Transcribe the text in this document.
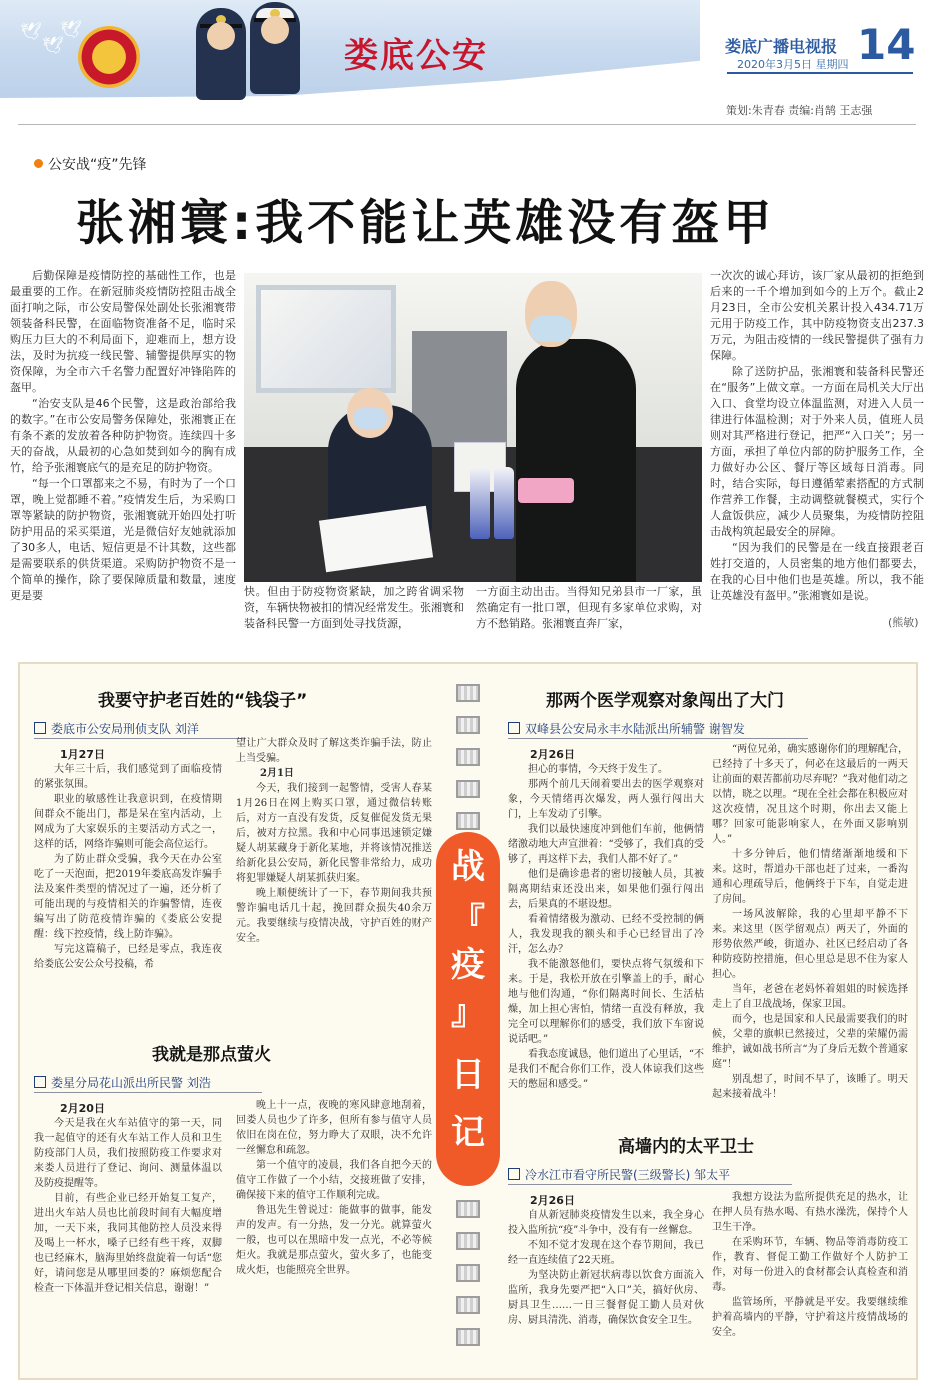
🕊
🕊
🕊
娄底公安	娄底广播电视报
2020年3月5日 星期四 14
策划:朱青春 责编:肖鹄 王志强
公安战“疫”先锋
张湘寰:我不能让英雄没有盔甲

后勤保障是疫情防控的基础性工作，也是最重要的工作。在新冠肺炎疫情防控阻击战全面打响之际，市公安局警保处副处长张湘寰带领装备科民警，在面临物资准备不足，临时采购压力巨大的不利局面下，迎难而上，想方设法，及时为抗疫一线民警、辅警提供厚实的物资保障，为全市六千名警力配置好冲锋陷阵的盔甲。

“治安支队是46个民警，这是政治部给我的数字。”在市公安局警务保障处，张湘寰正在有条不紊的发放着各种防护物资。连续四十多天的奋战，从最初的心急如焚到如今的胸有成竹，给予张湘寰底气的是充足的防护物资。

“每一个口罩都来之不易，有时为了一个口罩，晚上觉都睡不着。”疫情发生后，为采购口罩等紧缺的防护物资，张湘寰就开始四处打听防护用品的采买渠道，光是微信好友她就添加了30多人，电话、短信更是不计其数，这些都是需要联系的供货渠道。采购防护物资不是一个简单的操作，除了要保障质量和数量，速度更是要	快。但由于防疫物资紧缺，加之跨省调采物资，车辆快物被扣的情况经常发生。张湘寰和装备科民警一方面到处寻找货源，
一方面主动出击。当得知兄弟县市一厂家，虽然确定有一批口罩，但现有多家单位求购，对方不愁销路。张湘寰直奔厂家，

一次次的诚心拜访，该厂家从最初的拒绝到后来的一千个增加到如今的上万个。截止2月23日，全市公安机关累计投入434.71万元用于防疫工作，其中防疫物资支出237.3万元，为阻击疫情的一线民警提供了强有力保障。

除了送防护品，张湘寰和装备科民警还在“服务”上做文章。一方面在局机关大厅出入口、食堂均设立体温监测，对进入人员一律进行体温检测；对于外来人员，值班人员则对其严格进行登记，把严“入口关”；另一方面，承担了单位内部的防护服务工作，全力做好办公区、餐厅等区域每日消毒。同时，结合实际，每日遵循荤素搭配的方式制作营养工作餐，主动调整就餐模式，实行个人盒饭供应，减少人员聚集，为疫情防控阻击战构筑起最安全的屏障。

“因为我们的民警是在一线直接跟老百姓打交道的，人员密集的地方他们都要去，在我的心目中他们也是英雄。所以，我不能让英雄没有盔甲。”张湘寰如是说。

(熊敏)
战
『
疫
』
日
记
我要守护老百姓的“钱袋子”
娄底市公安局刑侦支队 刘洋
1月27日

大年三十后，我们感觉到了面临疫情的紧张氛围。

职业的敏感性让我意识到，在疫情期间群众不能出门，都是呆在室内活动，上网成为了大家娱乐的主要活动方式之一，这样的话，网络诈骗则可能会高位运行。

为了防止群众受骗，我今天在办公室吃了一天泡面，把2019年娄底高发诈骗手法及案件类型的情况过了一遍，还分析了可能出现的与疫情相关的诈骗警情，连夜编写出了防范疫情诈骗的《娄底公安提醒：线下控疫情，线上防诈骗》。

写完这篇稿子，已经是零点，我连夜给娄底公安公众号投稿，希

望让广大群众及时了解这类诈骗手法，防止上当受骗。

2月1日

今天，我们接到一起警情，受害人春某1月26日在网上购买口罩，通过微信转账后，对方一直没有发货，反复催促发货无果后，被对方拉黑。我和中心同事迅速锁定嫌疑人胡某藏身于新化某地，并将该情况推送给新化县公安局，新化民警非常给力，成功将犯罪嫌疑人胡某抓获归案。

晚上顺便统计了一下，春节期间我共预警诈骗电话几十起，挽回群众损失40余万元。我要继续与疫情决战，守护百姓的财产安全。

我就是那点萤火
娄星分局花山派出所民警 刘浩
2月20日

今天是我在火车站值守的第一天，同我一起值守的还有火车站工作人员和卫生防疫部门人员，我们按照防疫工作要求对来娄人员进行了登记、询问、测量体温以及防疫提醒等。

目前，有些企业已经开始复工复产，进出火车站人员也比前段时间有大幅度增加，一天下来，我同其他防控人员没来得及喝上一杯水，嗓子已经有些干疼，双脚也已经麻木，脑海里始终盘旋着一句话“您好，请问您是从哪里回娄的？麻烦您配合检查一下体温并登记相关信息，谢谢！”

晚上十一点，夜晚的寒风肆意地刮着，回娄人员也少了许多，但所有参与值守人员依旧在岗在位，努力睁大了双眼，决不允许一丝懈怠和疏忽。

第一个值守的凌晨，我们各自把今天的值守工作做了一个小结，交接班做了安排，确保接下来的值守工作顺利完成。

鲁迅先生曾说过：能做事的做事，能发声的发声。有一分热，发一分光。就算萤火一般，也可以在黑暗中发一点光，不必等候炬火。我就是那点萤火，萤火多了，也能变成火炬，也能照亮全世界。

那两个医学观察对象闯出了大门
双峰县公安局永丰水陆派出所辅警 谢智发
2月26日

担心的事情，今天终于发生了。

那两个前几天闹着要出去的医学观察对象，今天情绪再次爆发，两人强行闯出大门，上车发动了引擎。

我们以最快速度冲到他们车前，他俩情绪激动地大声宣泄着：“受够了，我们真的受够了，再这样下去，我们人都不好了。”

他们是确诊患者的密切接触人员，其被隔离期结束还没出来，如果他们强行闯出去，后果真的不堪设想。

看着情绪极为激动、已经不受控制的俩人，我发现我的额头和手心已经冒出了冷汗，怎么办？

我不能激怒他们，要快点将气氛缓和下来。于是，我松开放在引擎盖上的手，耐心地与他们沟通，“你们隔离时间长、生活枯燥，加上担心害怕，情绪一直没有释放，我完全可以理解你们的感受，我们放下车窗说说话吧。”

看我态度诚恳，他们道出了心里话，“不是我们不配合你们工作，没人体谅我们这些天的憋屈和感受。”

“两位兄弟，确实感谢你们的理解配合，已经持了十多天了，何必在这最后的一两天让前面的艰苦都前功尽弃呢？”我对他们动之以情，晓之以理。“现在全社会都在积极应对这次疫情，况且这个时期，你出去又能上哪？回家可能影响家人，在外面又影响别人。”

十多分钟后，他们情绪渐渐地缓和下来。这时，帮道办干部也赶了过来，一番沟通和心理疏导后，他俩终于下车，自觉走进了房间。

一场风波解除，我的心里却平静不下来。来这里（医学留观点）两天了，外面的形势依然严峻，街道办、社区已经启动了各种防疫防控措施，但心里总是思不住为家人担心。

当年，老爸在老妈怀着姐姐的时候选择走上了自卫战战场，保家卫国。

而今，也是国家和人民最需要我们的时候，父辈的旗帜已然接过，父辈的荣耀仍需维护，诚如战书所言“为了身后无数个普通家庭”！

别乱想了，时间不早了，该睡了。明天起来接着战斗！

高墙内的太平卫士
冷水江市看守所民警(三级警长) 邹太平
2月26日

自从新冠肺炎疫情发生以来，我全身心投入监所抗“疫”斗争中，没有有一丝懈怠。

不知不觉才发现在这个春节期间，我已经一直连续值了22天班。

为坚决防止新冠状病毒以饮食方面流入监所，我身先要严把“入口”关，搞好伙房、厨具卫生……一日三餐督促工勤人员对伙房、厨具清洗、消毒，确保饮食安全卫生。

我想方设法为监所提供充足的热水，让在押人员有热水喝、有热水澡洗，保持个人卫生干净。

在采购环节，车辆、物品等消毒防疫工作，教育、督促工勤工作做好个人防护工作，对每一份进入的食材都会认真检查和消毒。

监管场所，平静就是平安。我要继续维护着高墙内的平静，守护着这片疫情战场的安全。
